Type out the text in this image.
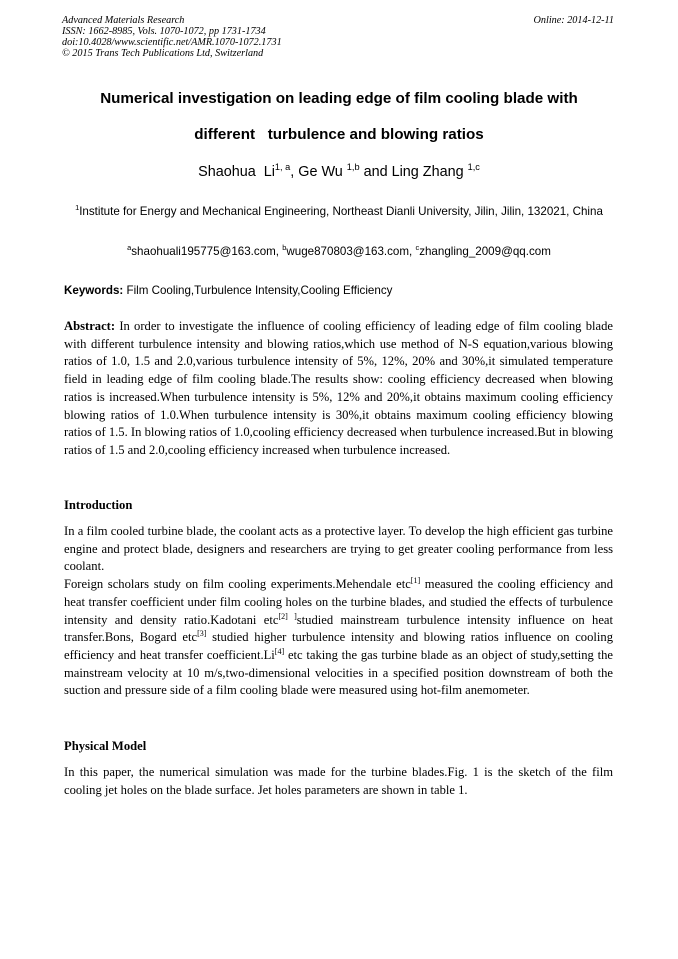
Advanced Materials Research
ISSN: 1662-8985, Vols. 1070-1072, pp 1731-1734
doi:10.4028/www.scientific.net/AMR.1070-1072.1731
© 2015 Trans Tech Publications Ltd, Switzerland
Online: 2014-12-11
Numerical investigation on leading edge of film cooling blade with
different   turbulence and blowing ratios
Shaohua  Li$^{1, a}$, Ge Wu $^{1,b}$ and Ling Zhang $^{1,c}$
$^1$Institute for Energy and Mechanical Engineering, Northeast Dianli University, Jilin, Jilin, 132021, China
$^a$shaohuali195775@163.com, $^b$wuge870803@163.com, $^c$zhangling_2009@qq.com
Keywords: Film Cooling,Turbulence Intensity,Cooling Efficiency
Abstract: In order to investigate the influence of cooling efficiency of leading edge of film cooling blade with different turbulence intensity and blowing ratios,which use method of N-S equation,various blowing ratios of 1.0, 1.5 and 2.0,various turbulence intensity of 5%, 12%, 20% and 30%,it simulated temperature field in leading edge of film cooling blade.The results show: cooling efficiency decreased when blowing ratios is increased.When turbulence intensity is 5%, 12% and 20%,it obtains maximum cooling efficiency blowing ratios of 1.0.When turbulence intensity is 30%,it obtains maximum cooling efficiency blowing ratios of 1.5. In blowing ratios of 1.0,cooling efficiency decreased when turbulence increased.But in blowing ratios of 1.5 and 2.0,cooling efficiency increased when turbulence increased.
Introduction

In a film cooled turbine blade, the coolant acts as a protective layer. To develop the high efficient gas turbine engine and protect blade, designers and researchers are trying to get greater cooling performance from less coolant.

Foreign scholars study on film cooling experiments.Mehendale etc[1] measured the cooling efficiency and heat transfer coefficient under film cooling holes on the turbine blades, and studied the effects of turbulence intensity and density ratio.Kadotani etc[2] ]studied mainstream turbulence intensity influence on heat transfer.Bons, Bogard etc[3] studied higher turbulence intensity and blowing ratios influence on cooling efficiency and heat transfer coefficient.Li[4] etc taking the gas turbine blade as an object of study,setting the mainstream velocity at 10 m/s,two-dimensional velocities in a specified position downstream of both the suction and pressure side of a film cooling blade were measured using hot-film anemometer.

Physical Model
In this paper, the numerical simulation was made for the turbine blades.Fig. 1 is the sketch of the film cooling jet holes on the blade surface. Jet holes parameters are shown in table 1.
